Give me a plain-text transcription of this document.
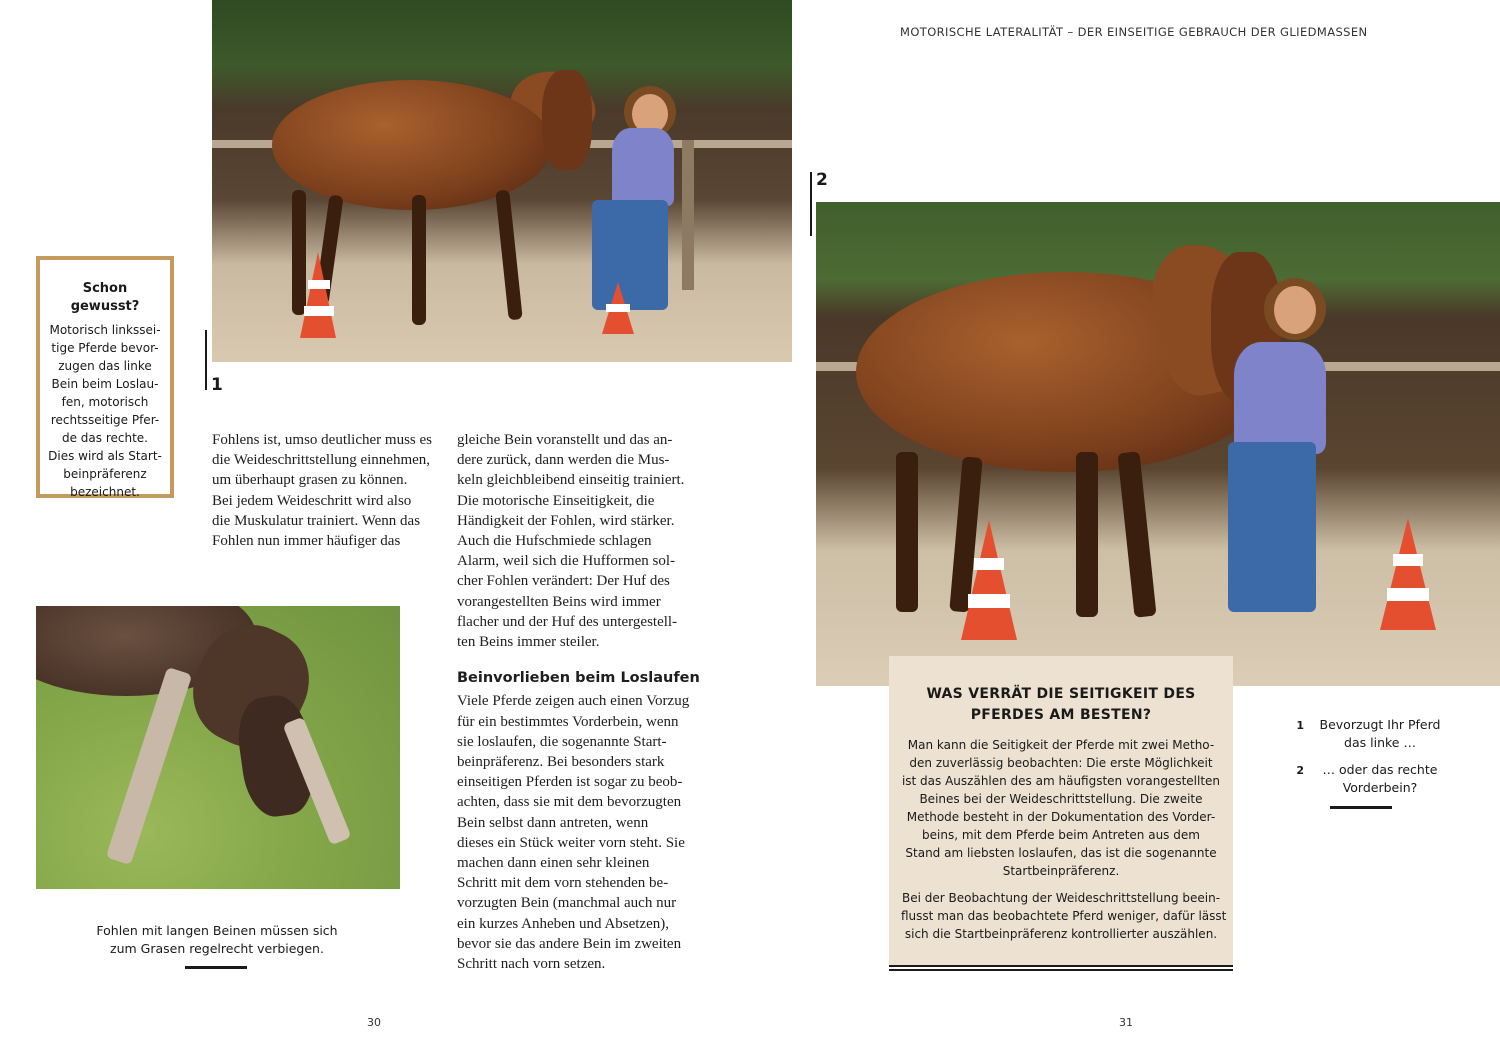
MOTORISCHE LATERALITÄT – DER EINSEITIGE GEBRAUCH DER GLIEDMASSEN
1
Schon gewusst?
Motorisch linkssei-
tige Pferde bevor-
zugen das linke
Bein beim Loslau-
fen, motorisch
rechtsseitige Pfer-
de das rechte.
Dies wird als Start-
beinpräferenz
bezeichnet.
Fohlens ist, umso deutlicher muss es
die Weideschrittstellung einnehmen,
um überhaupt grasen zu können.
Bei jedem Weideschritt wird also
die Muskulatur trainiert. Wenn das
Fohlen nun immer häufiger das
gleiche Bein voranstellt und das an-
dere zurück, dann werden die Mus-
keln gleichbleibend einseitig trainiert.
Die motorische Einseitigkeit, die
Händigkeit der Fohlen, wird stärker.
Auch die Hufschmiede schlagen
Alarm, weil sich die Hufformen sol-
cher Fohlen verändert: Der Huf des
vorangestellten Beins wird immer
flacher und der Huf des untergestell-
ten Beins immer steiler.
Beinvorlieben beim Loslaufen
Viele Pferde zeigen auch einen Vorzug
für ein bestimmtes Vorderbein, wenn
sie loslaufen, die sogenannte Start-
beinpräferenz. Bei besonders stark
einseitigen Pferden ist sogar zu beob-
achten, dass sie mit dem bevorzugten
Bein selbst dann antreten, wenn
dieses ein Stück weiter vorn steht. Sie
machen dann einen sehr kleinen
Schritt mit dem vorn stehenden be-
vorzugten Bein (manchmal auch nur
ein kurzes Anheben und Absetzen),
bevor sie das andere Bein im zweiten
Schritt nach vorn setzen.
Fohlen mit langen Beinen müssen sich
zum Grasen regelrecht verbiegen.
30
2
WAS VERRÄT DIE SEITIGKEIT DES
PFERDES AM BESTEN?
Man kann die Seitigkeit der Pferde mit zwei Metho-
den zuverlässig beobachten: Die erste Möglichkeit
ist das Auszählen des am häufigsten vorangestellten
Beines bei der Weideschrittstellung. Die zweite
Methode besteht in der Dokumentation des Vorder-
beins, mit dem Pferde beim Antreten aus dem
Stand am liebsten loslaufen, das ist die sogenannte
Startbeinpräferenz.
Bei der Beobachtung der Weideschrittstellung beein-
flusst man das beobachtete Pferd weniger, dafür lässt
sich die Startbeinpräferenz kontrollierter auszählen.
1	Bevorzugt Ihr Pferd
das linke …
2	… oder das rechte
Vorderbein?
31
